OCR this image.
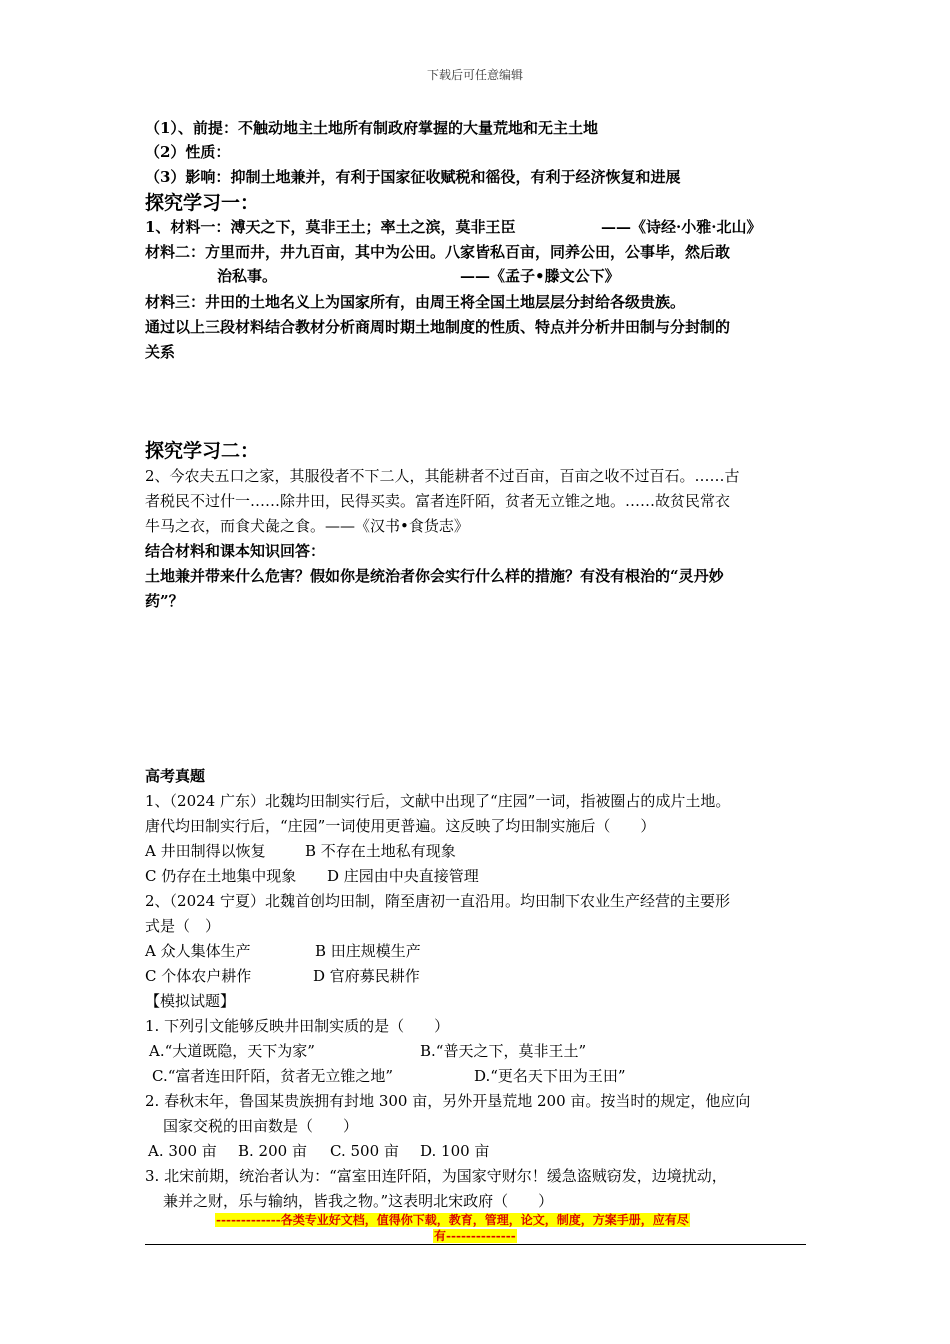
下载后可任意编辑
（1）、前提：不触动地主土地所有制政府掌握的大量荒地和无主土地
（2）性质：
（3）影响：抑制土地兼并，有利于国家征收赋税和徭役，有利于经济恢复和进展
探究学习一：
1、材料一：溥天之下，莫非王土；率土之滨，莫非王臣	——《诗经·小雅·北山》
材料二：方里而井，井九百亩，其中为公田。八家皆私百亩，同养公田，公事毕，然后敢
治私事。	——《孟子•滕文公下》
材料三：井田的土地名义上为国家所有，由周王将全国土地层层分封给各级贵族。
通过以上三段材料结合教材分析商周时期土地制度的性质、特点并分析井田制与分封制的
关系
探究学习二：
2、今农夫五口之家，其服役者不下二人，其能耕者不过百亩，百亩之收不过百石。……古
者税民不过什一……除井田，民得买卖。富者连阡陌，贫者无立锥之地。……故贫民常衣
牛马之衣，而食犬彘之食。——《汉书•食货志》
结合材料和课本知识回答：
土地兼并带来什么危害？假如你是统治者你会实行什么样的措施？有没有根治的“灵丹妙
药”？
高考真题
1、（2024 广东）北魏均田制实行后，文献中出现了“庄园”一词，指被圈占的成片土地。
唐代均田制实行后，“庄园”一词使用更普遍。这反映了均田制实施后（　　）
A 井田制得以恢复	B 不存在土地私有现象
C 仍存在土地集中现象 D 庄园由中央直接管理
2、（2024 宁夏）北魏首创均田制，隋至唐初一直沿用。均田制下农业生产经营的主要形
式是（　）
A 众人集体生产	B 田庄规模生产
C 个体农户耕作	D 官府募民耕作
【模拟试题】
1. 下列引文能够反映井田制实质的是（　　）
A.“大道既隐，天下为家”	B.“普天之下，莫非王土”
C.“富者连田阡陌，贫者无立锥之地”	D.“更名天下田为王田”
2. 春秋末年，鲁国某贵族拥有封地 300 亩，另外开垦荒地 200 亩。按当时的规定，他应向
国家交税的田亩数是（　　）
A. 300 亩 B. 200 亩 C. 500 亩 D. 100 亩
3. 北宋前期，统治者认为：“富室田连阡陌，为国家守财尔！缓急盗贼窃发，边境扰动，
兼并之财，乐与输纳，皆我之物。”这表明北宋政府（　　）
-------------各类专业好文档，值得你下载，教育，管理，论文，制度，方案手册，应有尽
有--------------
